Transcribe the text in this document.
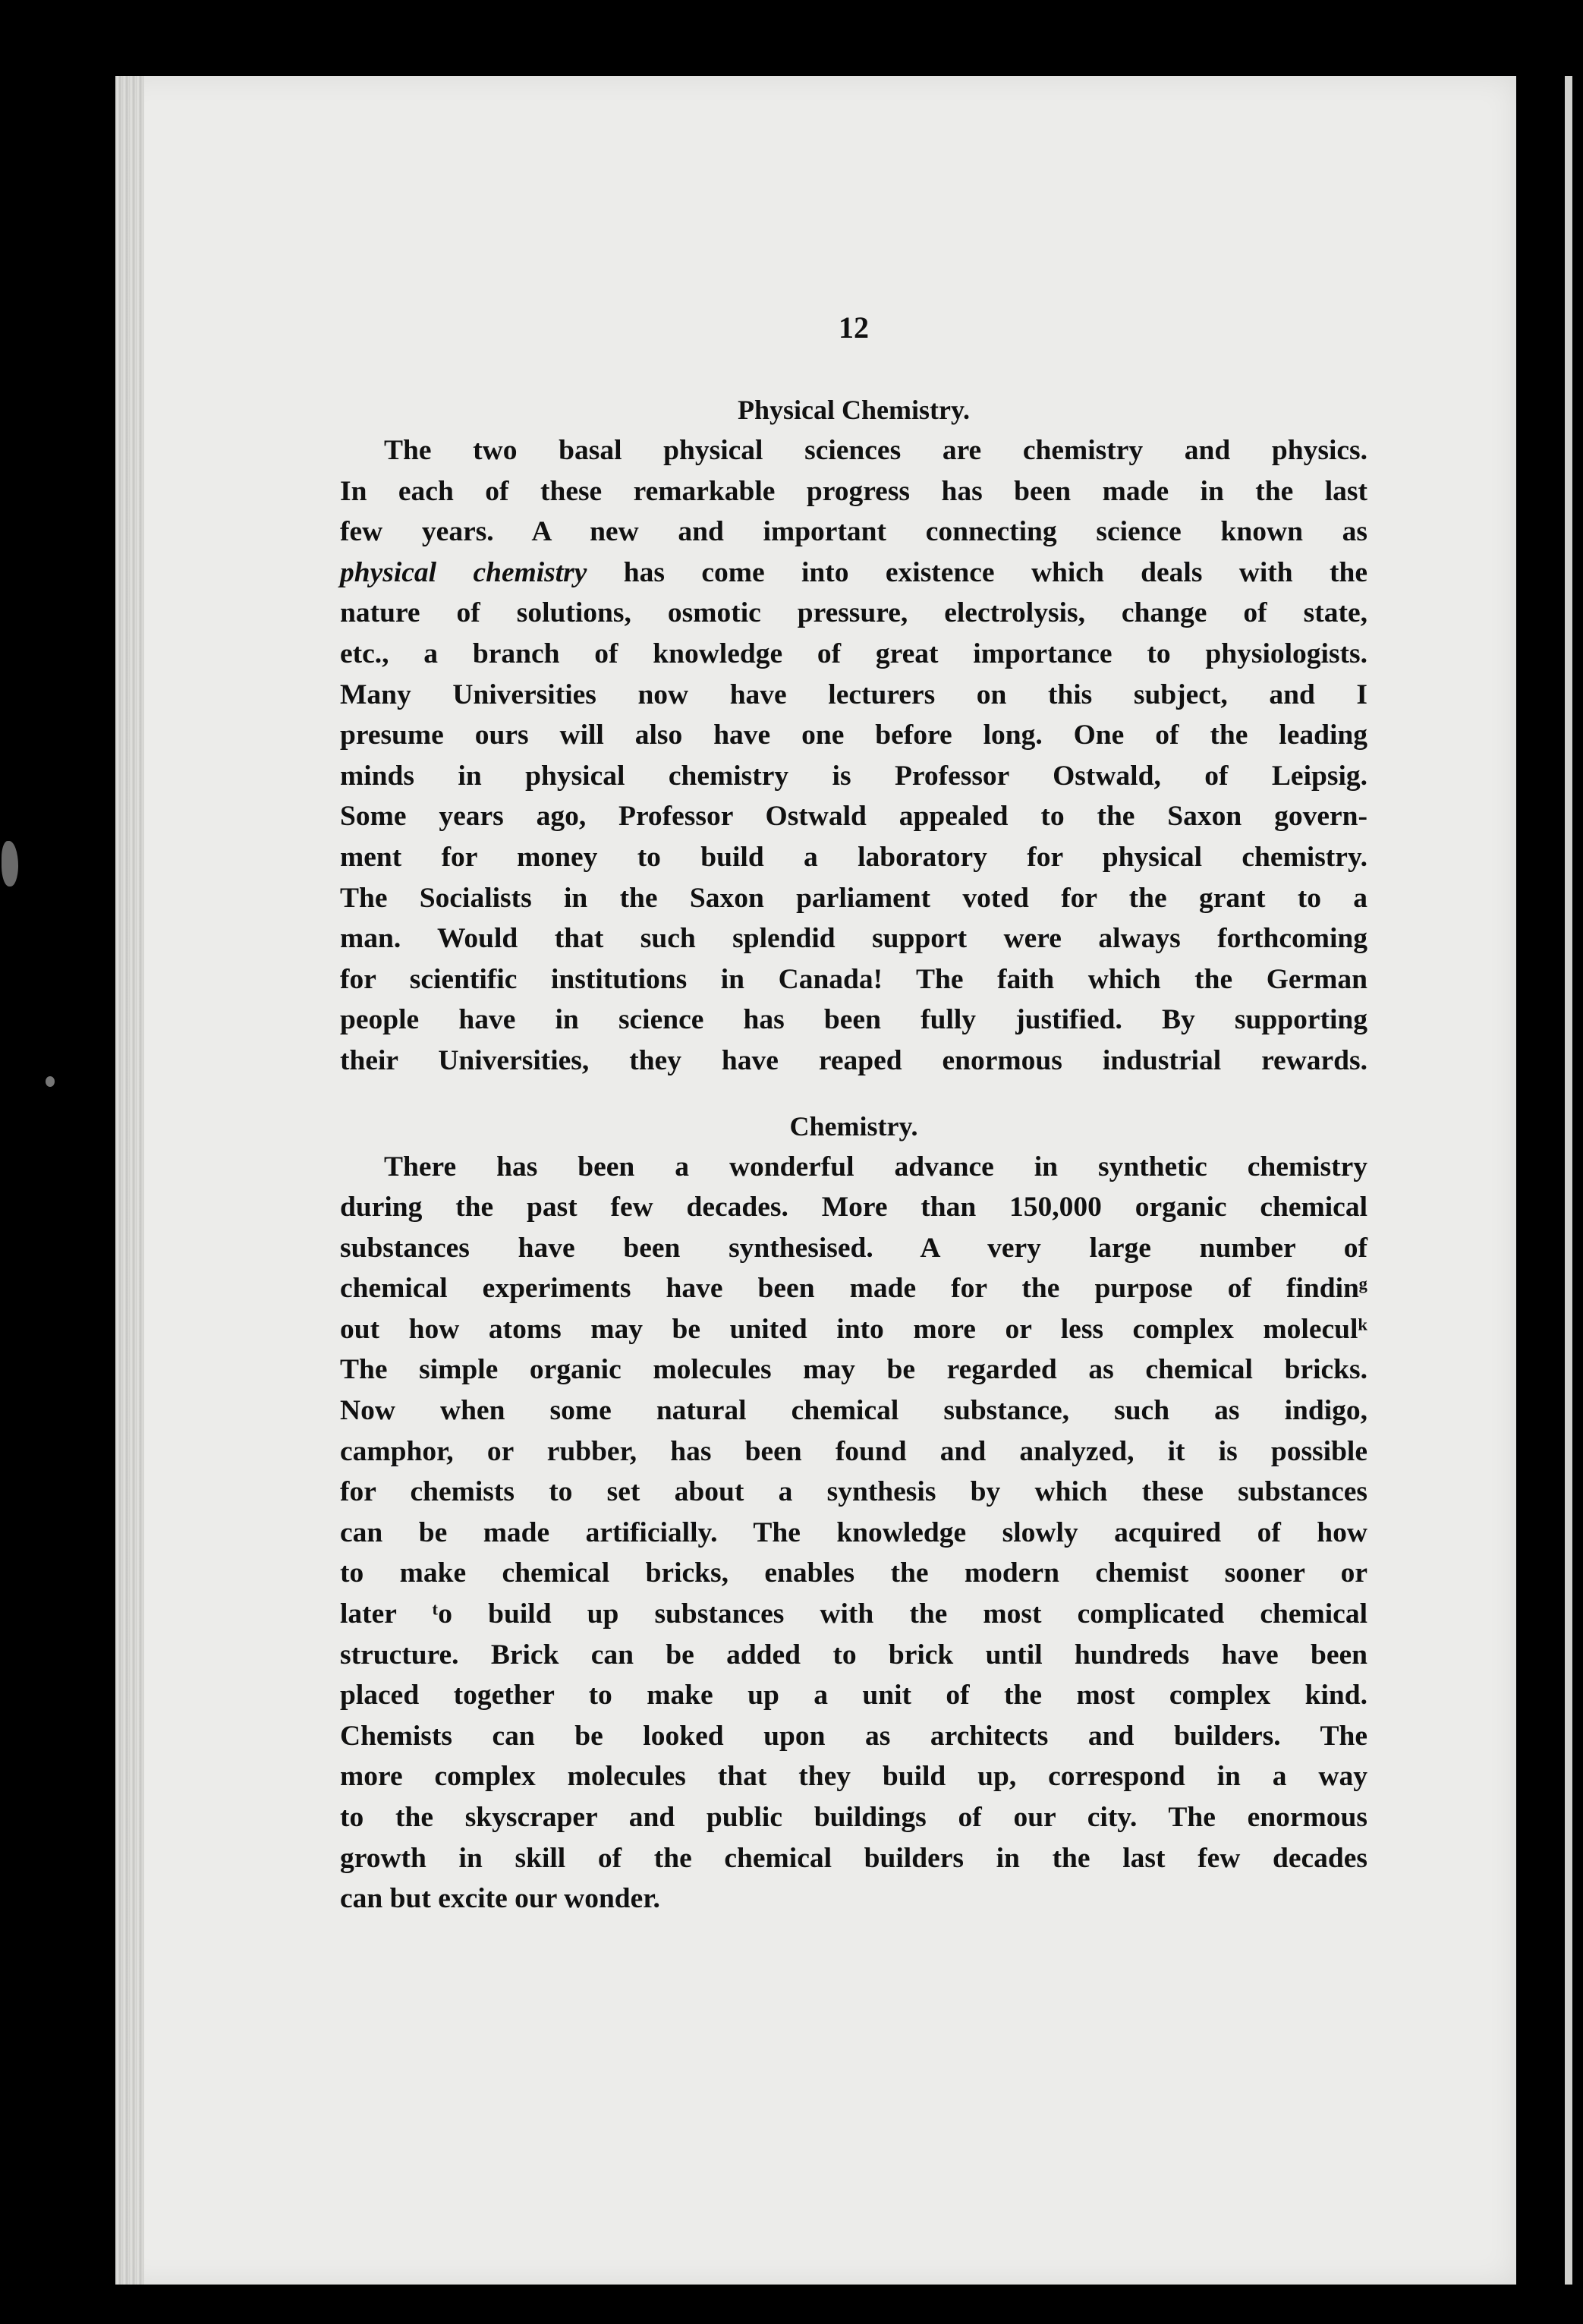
12
Physical Chemistry.
The two basal physical sciences are chemistry and physics.
In each of these remarkable progress has been made in the last
few years. A new and important connecting science known as
physical chemistry has come into existence which deals with the
nature of solutions, osmotic pressure, electrolysis, change of state,
etc., a branch of knowledge of great importance to physiologists.
Many Universities now have lecturers on this subject, and I
presume ours will also have one before long. One of the leading
minds in physical chemistry is Professor Ostwald, of Leipsig.
Some years ago, Professor Ostwald appealed to the Saxon govern-
ment for money to build a laboratory for physical chemistry.
The Socialists in the Saxon parliament voted for the grant to a
man. Would that such splendid support were always forthcoming
for scientific institutions in Canada! The faith which the German
people have in science has been fully justified. By supporting
their Universities, they have reaped enormous industrial rewards.
Chemistry.
There has been a wonderful advance in synthetic chemistry
during the past few decades. More than 150,000 organic chemical
substances have been synthesised. A very large number of
chemical experiments have been made for the purpose of findinᵍ
out how atoms may be united into more or less complex moleculᵏ
The simple organic molecules may be regarded as chemical bricks.
Now when some natural chemical substance, such as indigo,
camphor, or rubber, has been found and analyzed, it is possible
for chemists to set about a synthesis by which these substances
can be made artificially. The knowledge slowly acquired of how
to make chemical bricks, enables the modern chemist sooner or
later ᵗo build up substances with the most complicated chemical
structure. Brick can be added to brick until hundreds have been
placed together to make up a unit of the most complex kind.
Chemists can be looked upon as architects and builders. The
more complex molecules that they build up, correspond in a way
to the skyscraper and public buildings of our city. The enormous
growth in skill of the chemical builders in the last few decades
can but excite our wonder.
